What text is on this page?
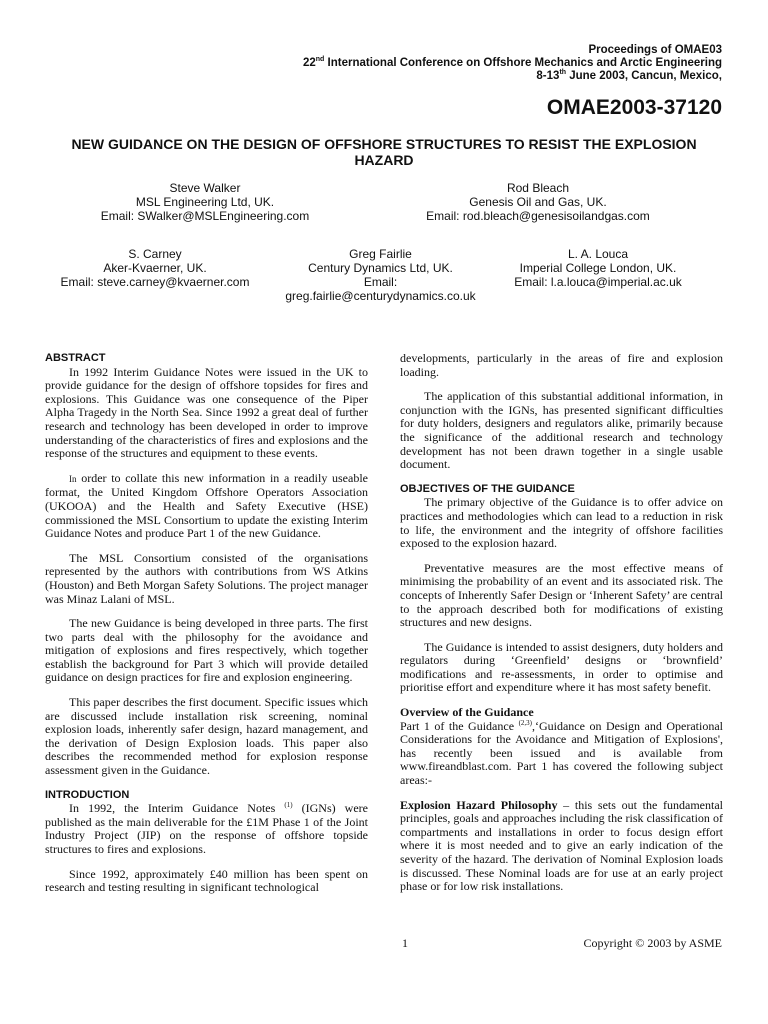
Proceedings of OMAE03
22nd International Conference on Offshore Mechanics and Arctic Engineering
8-13th June 2003, Cancun, Mexico,
OMAE2003-37120
NEW GUIDANCE ON THE DESIGN OF OFFSHORE STRUCTURES TO RESIST THE EXPLOSION HAZARD
Steve Walker
MSL Engineering Ltd, UK.
Email: SWalker@MSLEngineering.com
Rod Bleach
Genesis Oil and Gas, UK.
Email: rod.bleach@genesisoilandgas.com
S. Carney
Aker-Kvaerner, UK.
Email: steve.carney@kvaerner.com
Greg Fairlie
Century Dynamics Ltd, UK.
Email:
greg.fairlie@centurydynamics.co.uk
L. A. Louca
Imperial College London, UK.
Email: l.a.louca@imperial.ac.uk
ABSTRACT

In 1992 Interim Guidance Notes were issued in the UK to provide guidance for the design of offshore topsides for fires and explosions. This Guidance was one consequence of the Piper Alpha Tragedy in the North Sea. Since 1992 a great deal of further research and technology has been developed in order to improve understanding of the characteristics of fires and explosions and the response of the structures and equipment to these events.

In order to collate this new information in a readily useable format, the United Kingdom Offshore Operators Association (UKOOA) and the Health and Safety Executive (HSE) commissioned the MSL Consortium to update the existing Interim Guidance Notes and produce Part 1 of the new Guidance.

The MSL Consortium consisted of the organisations represented by the authors with contributions from WS Atkins (Houston) and Beth Morgan Safety Solutions. The project manager was Minaz Lalani of MSL.

The new Guidance is being developed in three parts. The first two parts deal with the philosophy for the avoidance and mitigation of explosions and fires respectively, which together establish the background for Part 3 which will provide detailed guidance on design practices for fire and explosion engineering.

This paper describes the first document. Specific issues which are discussed include installation risk screening, nominal explosion loads, inherently safer design, hazard management, and the derivation of Design Explosion loads. This paper also describes the recommended method for explosion response assessment given in the Guidance.

INTRODUCTION

In 1992, the Interim Guidance Notes $^{(1)}$ (IGNs) were published as the main deliverable for the £1M Phase 1 of the Joint Industry Project (JIP) on the response of offshore topside structures to fires and explosions.

Since 1992, approximately £40 million has been spent on research and testing resulting in significant technological

developments, particularly in the areas of fire and explosion loading.

The application of this substantial additional information, in conjunction with the IGNs, has presented significant difficulties for duty holders, designers and regulators alike, primarily because the significance of the additional research and technology development has not been drawn together in a single usable document.

OBJECTIVES OF THE GUIDANCE

The primary objective of the Guidance is to offer advice on practices and methodologies which can lead to a reduction in risk to life, the environment and the integrity of offshore facilities exposed to the explosion hazard.

Preventative measures are the most effective means of minimising the probability of an event and its associated risk. The concepts of Inherently Safer Design or ‘Inherent Safety’ are central to the approach described both for modifications of existing structures and new designs.

The Guidance is intended to assist designers, duty holders and regulators during ‘Greenfield’ designs or ‘brownfield’ modifications and re-assessments, in order to optimise and prioritise effort and expenditure where it has most safety benefit.

Overview of the Guidance

Part 1 of the Guidance $^{(2,3)}$,‘Guidance on Design and Operational Considerations for the Avoidance and Mitigation of Explosions', has recently been issued and is available from www.fireandblast.com. Part 1 has covered the following subject areas:-

Explosion Hazard Philosophy – this sets out the fundamental principles, goals and approaches including the risk classification of compartments and installations in order to focus design effort where it is most needed and to give an early indication of the severity of the hazard. The derivation of Nominal Explosion loads is discussed. These Nominal loads are for use at an early project phase or for low risk installations.

1	Copyright © 2003 by ASME
